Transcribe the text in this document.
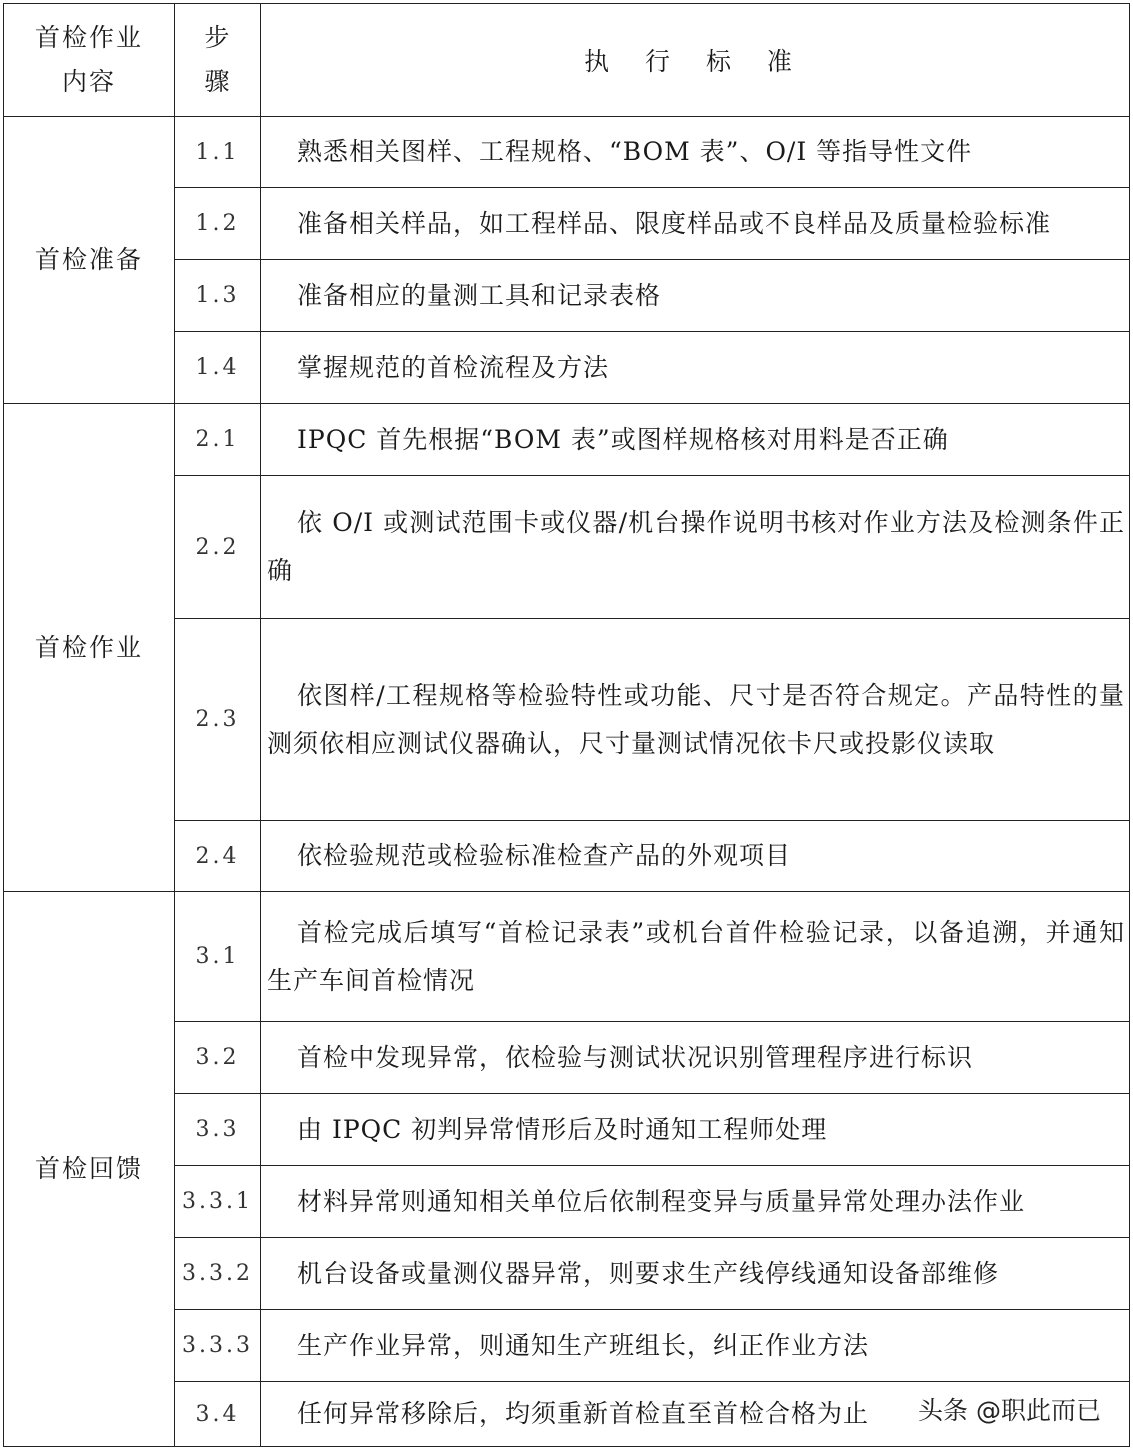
首检作业内容	步骤	执 行 标 准
首检准备	1.1	熟悉相关图样、工程规格、“BOM 表”、O/I 等指导性文件

	1.2	准备相关样品，如工程样品、限度样品或不良样品及质量检验标准

	1.3	准备相应的量测工具和记录表格

	1.4	掌握规范的首检流程及方法

首检作业	2.1	IPQC 首先根据“BOM 表”或图样规格核对用料是否正确

	2.2	依 O/I 或测试范围卡或仪器/机台操作说明书核对作业方法及检测条件正确

	2.3	依图样/工程规格等检验特性或功能、尺寸是否符合规定。产品特性的量测须依相应测试仪器确认，尺寸量测试情况依卡尺或投影仪读取

	2.4	依检验规范或检验标准检查产品的外观项目

首检回馈	3.1	首检完成后填写“首检记录表”或机台首件检验记录，以备追溯，并通知生产车间首检情况

	3.2	首检中发现异常，依检验与测试状况识别管理程序进行标识

	3.3	由 IPQC 初判异常情形后及时通知工程师处理

	3.3.1	材料异常则通知相关单位后依制程变异与质量异常处理办法作业

	3.3.2	机台设备或量测仪器异常，则要求生产线停线通知设备部维修

	3.3.3	生产作业异常，则通知生产班组长，纠正作业方法

	3.4	任何异常移除后，均须重新首检直至首检合格为止	头条 @职此而已
